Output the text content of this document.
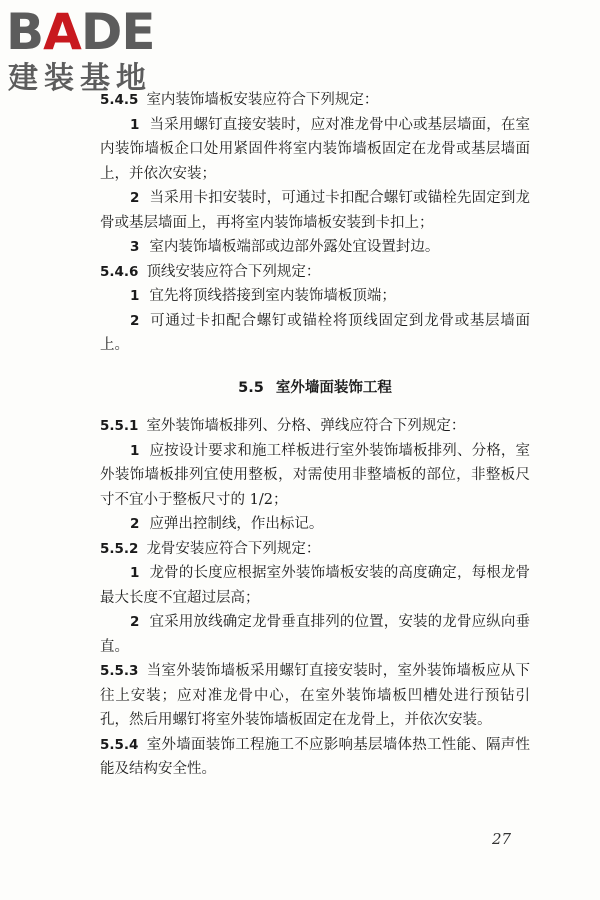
BADE
建装基地

5.4.5 室内装饰墙板安装应符合下列规定：

1 当采用螺钉直接安装时，应对准龙骨中心或基层墙面，在室内装饰墙板企口处用紧固件将室内装饰墙板固定在龙骨或基层墙面上，并依次安装；

2 当采用卡扣安装时，可通过卡扣配合螺钉或锚栓先固定到龙骨或基层墙面上，再将室内装饰墙板安装到卡扣上；

3 室内装饰墙板端部或边部外露处宜设置封边。

5.4.6 顶线安装应符合下列规定：

1 宜先将顶线搭接到室内装饰墙板顶端；

2 可通过卡扣配合螺钉或锚栓将顶线固定到龙骨或基层墙面上。

5.5 室外墙面装饰工程

5.5.1 室外装饰墙板排列、分格、弹线应符合下列规定：

1 应按设计要求和施工样板进行室外装饰墙板排列、分格，室外装饰墙板排列宜使用整板，对需使用非整墙板的部位，非整板尺寸不宜小于整板尺寸的 1/2；

2 应弹出控制线，作出标记。

5.5.2 龙骨安装应符合下列规定：

1 龙骨的长度应根据室外装饰墙板安装的高度确定，每根龙骨最大长度不宜超过层高；

2 宜采用放线确定龙骨垂直排列的位置，安装的龙骨应纵向垂直。

5.5.3 当室外装饰墙板采用螺钉直接安装时，室外装饰墙板应从下往上安装；应对准龙骨中心，在室外装饰墙板凹槽处进行预钻引孔，然后用螺钉将室外装饰墙板固定在龙骨上，并依次安装。

5.5.4 室外墙面装饰工程施工不应影响基层墙体热工性能、隔声性能及结构安全性。

27
